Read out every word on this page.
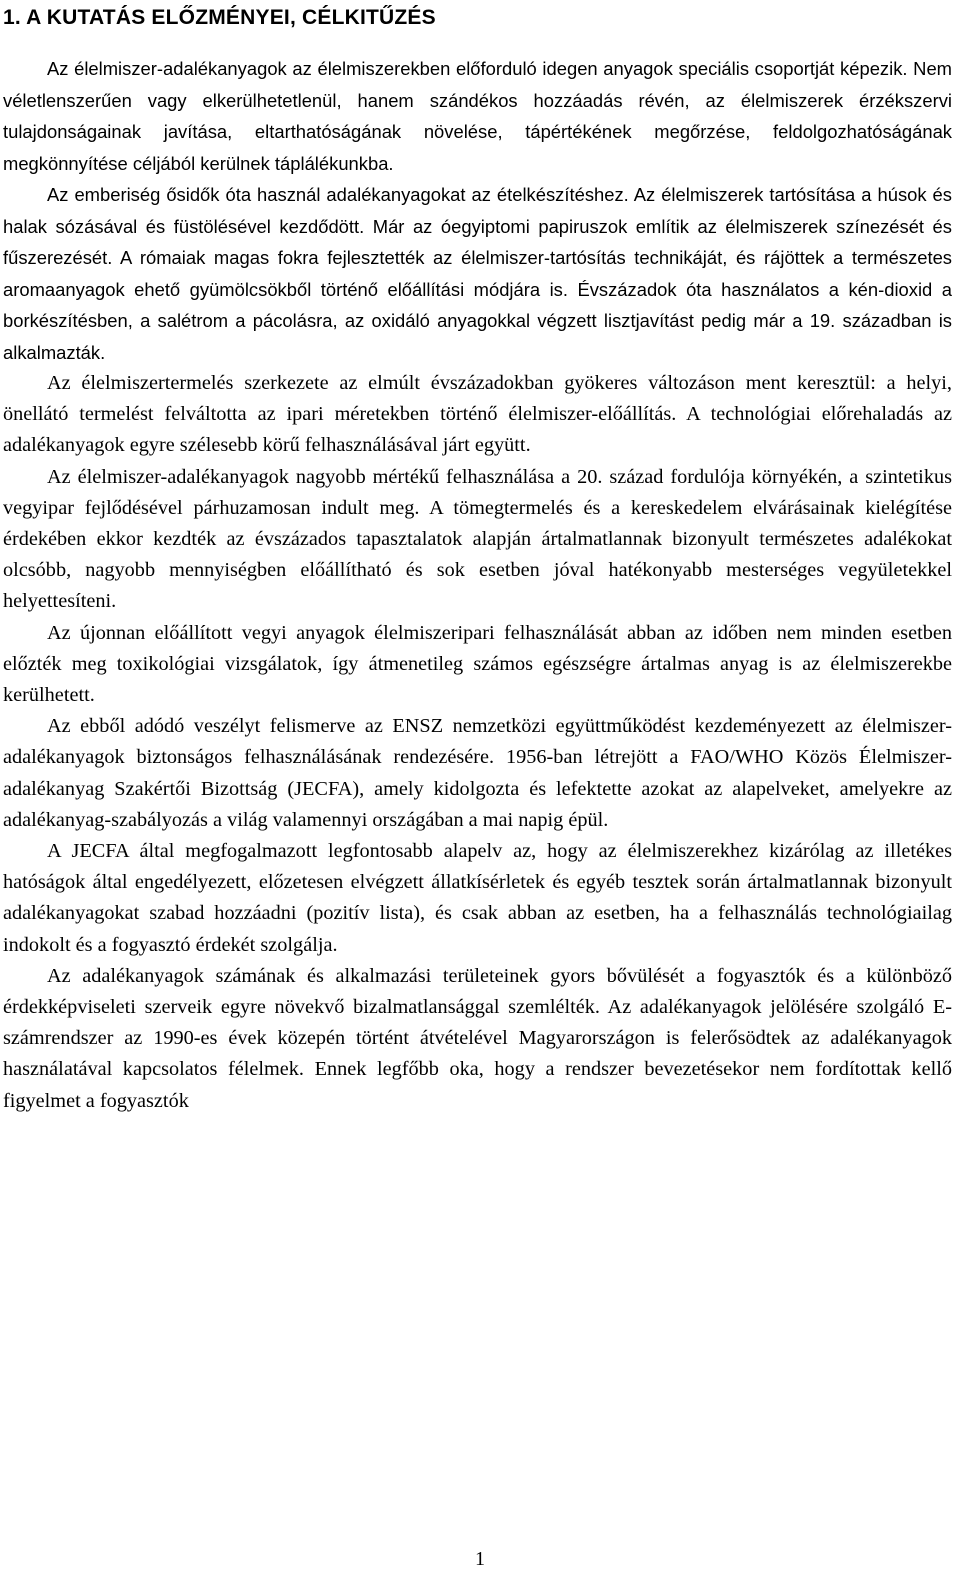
1. A KUTATÁS ELŐZMÉNYEI, CÉLKITŰZÉS

Az élelmiszer-adalékanyagok az élelmiszerekben előforduló idegen anyagok speciális csoportját képezik. Nem véletlenszerűen vagy elkerülhetetlenül, hanem szándékos hozzáadás révén, az élelmiszerek érzékszervi tulajdonságainak javítása, eltarthatóságának növelése, tápértékének megőrzése, feldolgozhatóságának megkönnyítése céljából kerülnek táplálékunkba.

Az emberiség ősidők óta használ adalékanyagokat az ételkészítéshez. Az élelmiszerek tartósítása a húsok és halak sózásával és füstölésével kezdődött. Már az óegyiptomi papiruszok említik az élelmiszerek színezését és fűszerezését. A rómaiak magas fokra fejlesztették az élelmiszer-tartósítás technikáját, és rájöttek a természetes aromaanyagok ehető gyümölcsökből történő előállítási módjára is. Évszázadok óta használatos a kén-dioxid a borkészítésben, a salétrom a pácolásra, az oxidáló anyagokkal végzett lisztjavítást pedig már a 19. században is alkalmazták.

Az élelmiszertermelés szerkezete az elmúlt évszázadokban gyökeres változáson ment keresztül: a helyi, önellátó termelést felváltotta az ipari méretekben történő élelmiszer-előállítás. A technológiai előrehaladás az adalékanyagok egyre szélesebb körű felhasználásával járt együtt.

Az élelmiszer-adalékanyagok nagyobb mértékű felhasználása a 20. század fordulója környékén, a szintetikus vegyipar fejlődésével párhuzamosan indult meg. A tömegtermelés és a kereskedelem elvárásainak kielégítése érdekében ekkor kezdték az évszázados tapasztalatok alapján ártalmatlannak bizonyult természetes adalékokat olcsóbb, nagyobb mennyiségben előállítható és sok esetben jóval hatékonyabb mesterséges vegyületekkel helyettesíteni.

Az újonnan előállított vegyi anyagok élelmiszeripari felhasználását abban az időben nem minden esetben előzték meg toxikológiai vizsgálatok, így átmenetileg számos egészségre ártalmas anyag is az élelmiszerekbe kerülhetett.

Az ebből adódó veszélyt felismerve az ENSZ nemzetközi együttműködést kezdeményezett az élelmiszer-adalékanyagok biztonságos felhasználásának rendezésére. 1956-ban létrejött a FAO/WHO Közös Élelmiszer-adalékanyag Szakértői Bizottság (JECFA), amely kidolgozta és lefektette azokat az alapelveket, amelyekre az adalékanyag-szabályozás a világ valamennyi országában a mai napig épül.

A JECFA által megfogalmazott legfontosabb alapelv az, hogy az élelmiszerekhez kizárólag az illetékes hatóságok által engedélyezett, előzetesen elvégzett állatkísérletek és egyéb tesztek során ártalmatlannak bizonyult adalékanyagokat szabad hozzáadni (pozitív lista), és csak abban az esetben, ha a felhasználás technológiailag indokolt és a fogyasztó érdekét szolgálja.

Az adalékanyagok számának és alkalmazási területeinek gyors bővülését a fogyasztók és a különböző érdekképviseleti szerveik egyre növekvő bizalmatlansággal szemlélték. Az adalékanyagok jelölésére szolgáló E-számrendszer az 1990-es évek közepén történt átvételével Magyarországon is felerősödtek az adalékanyagok használatával kapcsolatos félelmek. Ennek legfőbb oka, hogy a rendszer bevezetésekor nem fordítottak kellő figyelmet a fogyasztók

1
